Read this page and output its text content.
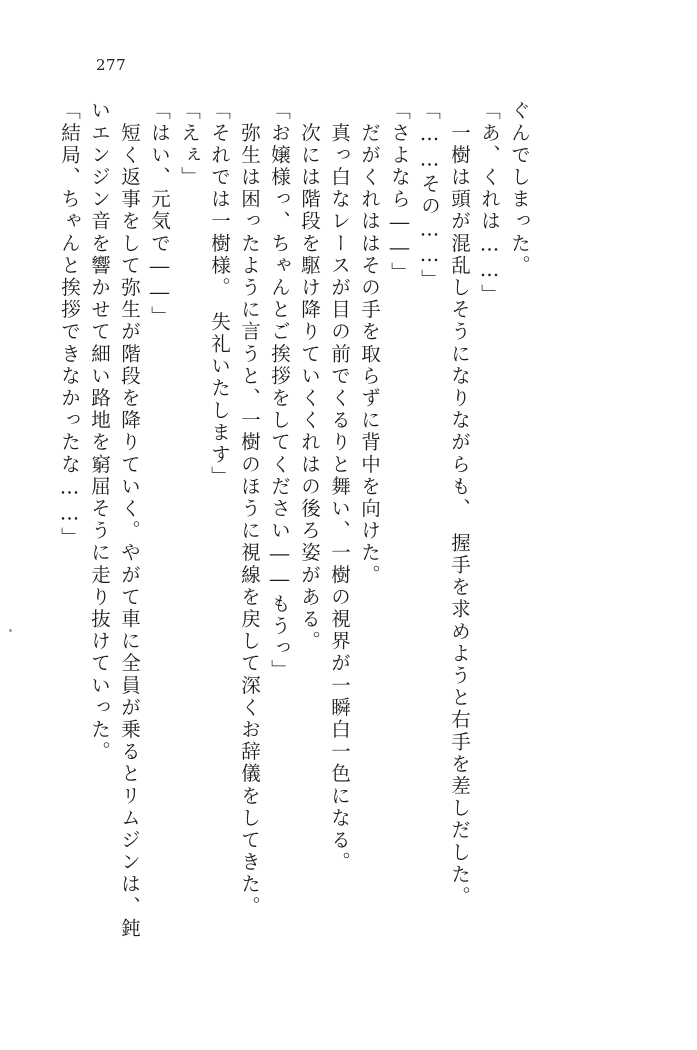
277
「結局、ちゃんと挨拶できなかったな……」 いエンジン音を響かせて細い路地を窮屈そうに走り抜けていった。 　短く返事をして弥生が階段を降りていく。やがて車に全員が乗るとリムジンは、鈍 「はい、元気で――」 「えぇ」 「それでは一樹様。　失礼いたします」 　弥生は困ったように言うと、一樹のほうに視線を戻して深くお辞儀をしてきた。 「お嬢様っ、ちゃんとご挨拶をしてください――もうっ」 　次には階段を駆け降りていくくれはの後ろ姿がある。 　真っ白なレースが目の前でくるりと舞い、一樹の視界が一瞬白一色になる。 　だがくれははその手を取らずに背中を向けた。 「さよなら――」 「……その……」 　一樹は頭が混乱しそうになりながらも、　握手を求めようと右手を差しだした。 「あ、くれは……」 ぐんでしまった。
